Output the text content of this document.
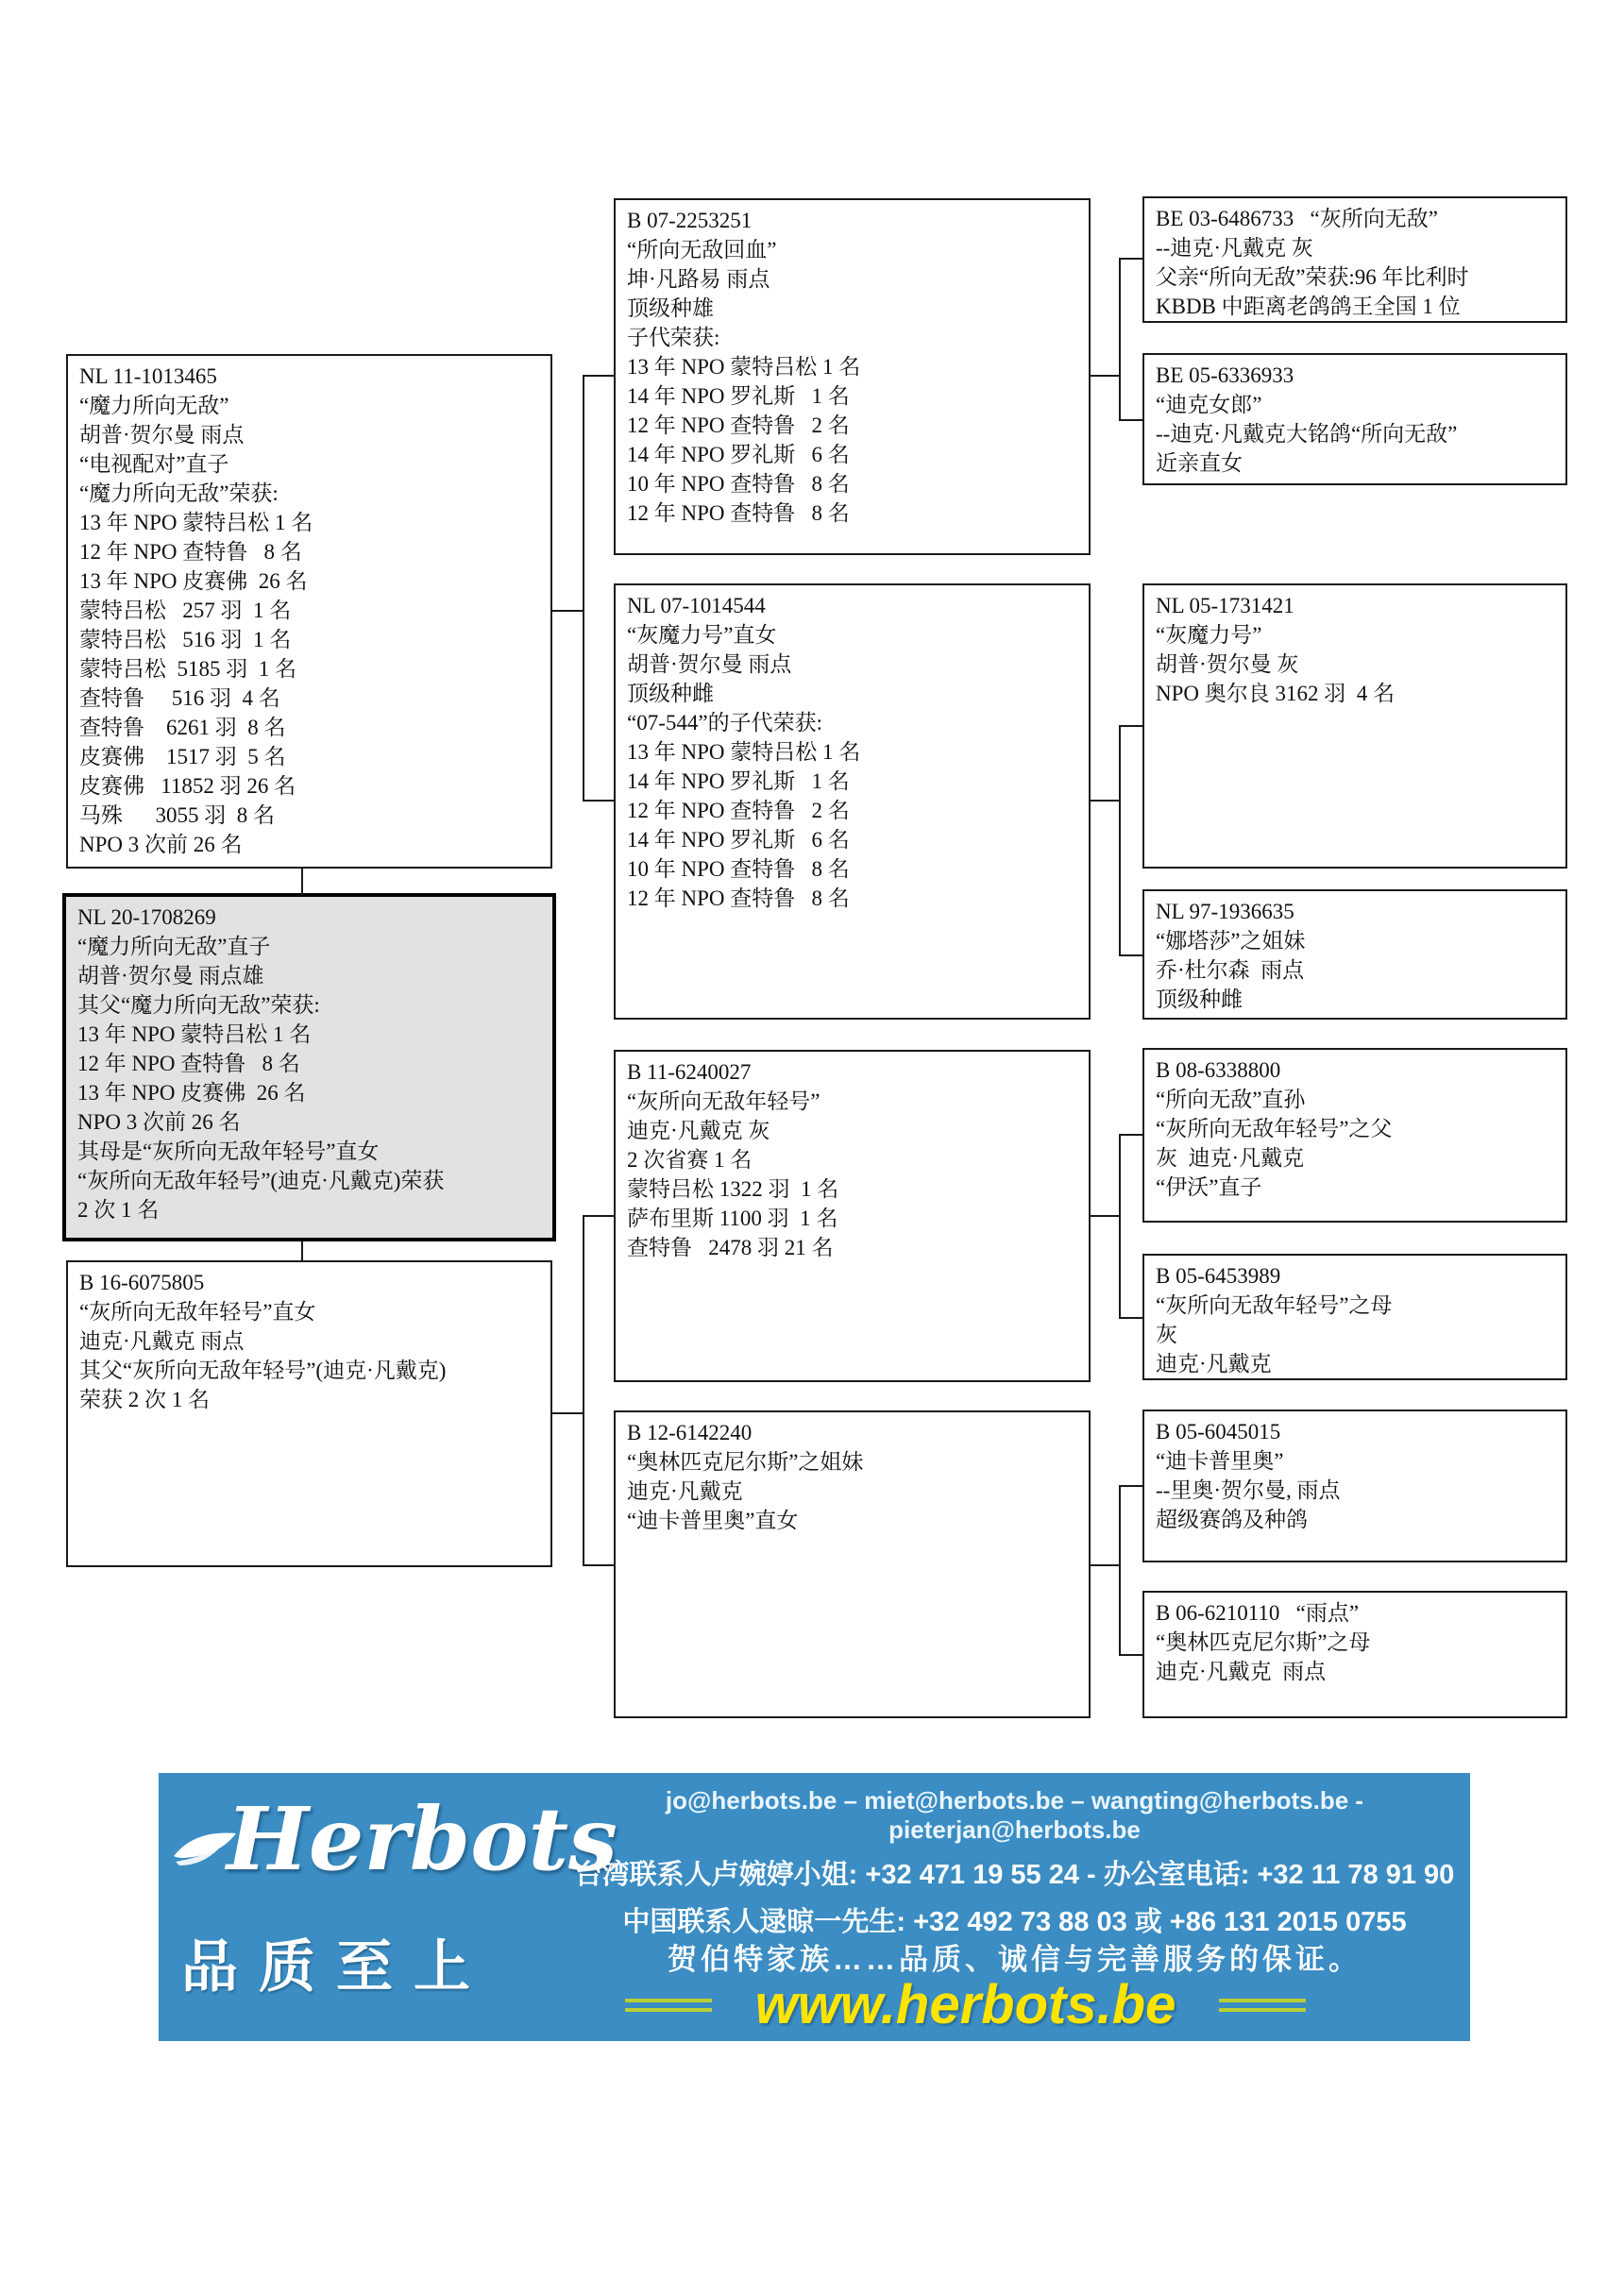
NL 11-1013465
“魔力所向无敌”
胡普·贺尔曼 雨点
“电视配对”直子
“魔力所向无敌”荣获:
13 年 NPO 蒙特吕松 1 名
12 年 NPO 查特鲁   8 名
13 年 NPO 皮赛佛  26 名
蒙特吕松   257 羽  1 名
蒙特吕松   516 羽  1 名
蒙特吕松  5185 羽  1 名
查特鲁     516 羽  4 名
查特鲁    6261 羽  8 名
皮赛佛    1517 羽  5 名
皮赛佛   11852 羽 26 名
马殊      3055 羽  8 名
NPO 3 次前 26 名
NL 20-1708269
“魔力所向无敌”直子
胡普·贺尔曼 雨点雄
其父“魔力所向无敌”荣获:
13 年 NPO 蒙特吕松 1 名
12 年 NPO 查特鲁   8 名
13 年 NPO 皮赛佛  26 名
NPO 3 次前 26 名
其母是“灰所向无敌年轻号”直女
“灰所向无敌年轻号”(迪克·凡戴克)荣获
2 次 1 名
B 16-6075805
“灰所向无敌年轻号”直女
迪克·凡戴克 雨点
其父“灰所向无敌年轻号”(迪克·凡戴克)
荣获 2 次 1 名
B 07-2253251
“所向无敌回血”
坤·凡路易 雨点
顶级种雄
子代荣获:
13 年 NPO 蒙特吕松 1 名
14 年 NPO 罗礼斯   1 名
12 年 NPO 查特鲁   2 名
14 年 NPO 罗礼斯   6 名
10 年 NPO 查特鲁   8 名
12 年 NPO 查特鲁   8 名
NL 07-1014544
“灰魔力号”直女
胡普·贺尔曼 雨点
顶级种雌
“07-544”的子代荣获:
13 年 NPO 蒙特吕松 1 名
14 年 NPO 罗礼斯   1 名
12 年 NPO 查特鲁   2 名
14 年 NPO 罗礼斯   6 名
10 年 NPO 查特鲁   8 名
12 年 NPO 查特鲁   8 名
B 11-6240027
“灰所向无敌年轻号”
迪克·凡戴克 灰
2 次省赛 1 名
蒙特吕松 1322 羽  1 名
萨布里斯 1100 羽  1 名
查特鲁   2478 羽 21 名
B 12-6142240
“奥林匹克尼尔斯”之姐妹
迪克·凡戴克
“迪卡普里奥”直女
BE 03-6486733   “灰所向无敌”
--迪克·凡戴克 灰
父亲“所向无敌”荣获:96 年比利时
KBDB 中距离老鸽鸽王全国 1 位
BE 05-6336933
“迪克女郎”
--迪克·凡戴克大铭鸽“所向无敌”
近亲直女
NL 05-1731421
“灰魔力号”
胡普·贺尔曼 灰
NPO 奥尔良 3162 羽  4 名
NL 97-1936635
“娜塔莎”之姐妹
乔·杜尔森  雨点
顶级种雌
B 08-6338800
“所向无敌”直孙
“灰所向无敌年轻号”之父
灰  迪克·凡戴克
“伊沃”直子
B 05-6453989
“灰所向无敌年轻号”之母
灰
迪克·凡戴克
B 05-6045015
“迪卡普里奥”
--里奥·贺尔曼, 雨点
超级赛鸽及种鸽
B 06-6210110   “雨点”
“奥林匹克尼尔斯”之母
迪克·凡戴克  雨点
Herbots
品质至上
jo@herbots.be – miet@herbots.be – wangting@herbots.be - pieterjan@herbots.be
台湾联系人卢婉婷小姐: +32 471 19 55 24 - 办公室电话: +32 11 78 91 90
中国联系人逯晾一先生: +32 492 73 88 03 或 +86 131 2015 0755
贺伯特家族……品质、诚信与完善服务的保证。
www.herbots.be
